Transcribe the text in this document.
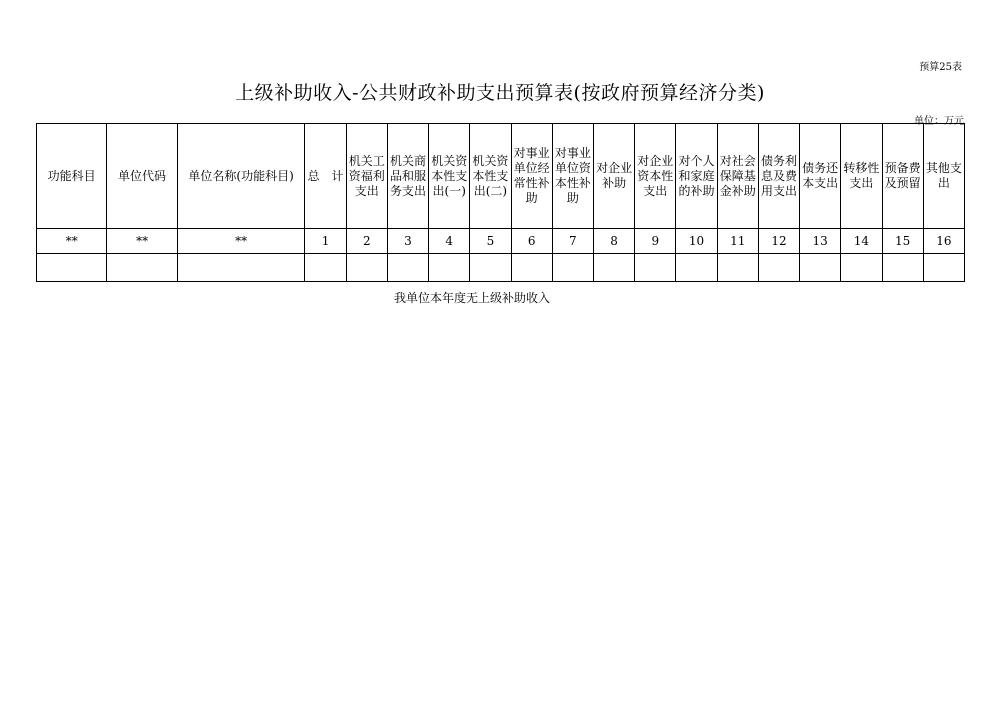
预算25表
上级补助收入-公共财政补助支出预算表(按政府预算经济分类)
单位：万元
功能科目	单位代码	单位名称(功能科目)	总　计	机关工资福利支出	机关商品和服务支出	机关资本性支出(一)	机关资本性支出(二)	对事业单位经常性补助	对事业单位资本性补助	对企业补助	对企业资本性支出	对个人和家庭的补助	对社会保障基金补助	债务利息及费用支出	债务还本支出	转移性支出	预备费及预留	其他支出

**	**	**	1	2	3	4	5	6	7	8	9	10	11	12	13	14	15	16

我单位本年度无上级补助收入
